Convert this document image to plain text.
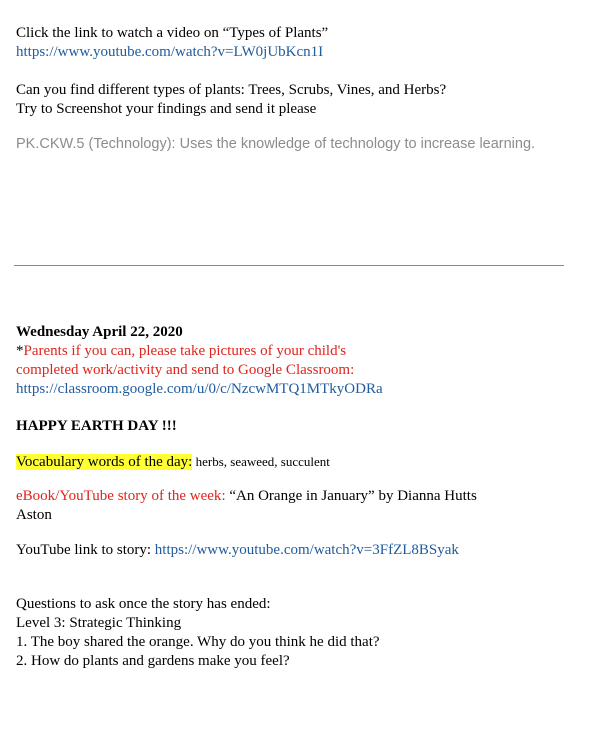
Click the link to watch a video on “Types of Plants”
https://www.youtube.com/watch?v=LW0jUbKcn1I
Can you find different types of plants: Trees, Scrubs, Vines, and Herbs?
Try to Screenshot your findings and send it please
PK.CKW.5 (Technology): Uses the knowledge of technology to increase learning.
Wednesday April 22, 2020
*Parents if you can, please take pictures of your child's
completed work/activity and send to Google Classroom:
https://classroom.google.com/u/0/c/NzcwMTQ1MTkyODRa
HAPPY EARTH DAY !!!
Vocabulary words of the day: herbs, seaweed, succulent
eBook/YouTube story of the week: “An Orange in January” by Dianna Hutts
Aston
YouTube link to story: https://www.youtube.com/watch?v=3FfZL8BSyak
Questions to ask once the story has ended:
Level 3: Strategic Thinking
1. The boy shared the orange. Why do you think he did that?
2. How do plants and gardens make you feel?
